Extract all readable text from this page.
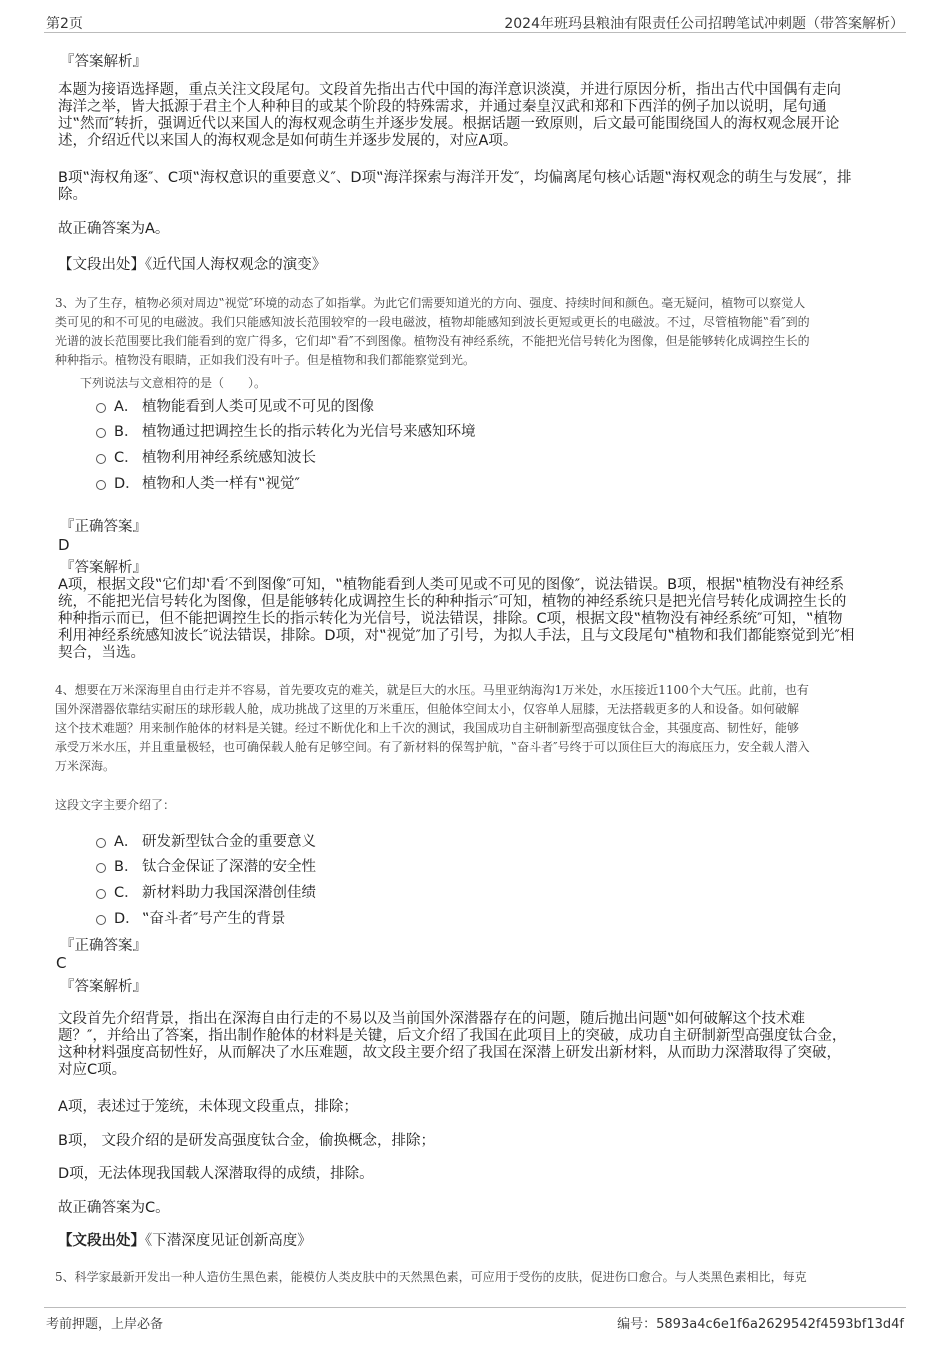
第2页	2024年班玛县粮油有限责任公司招聘笔试冲刺题（带答案解析）
『答案解析』
本题为接语选择题，重点关注文段尾句。文段首先指出古代中国的海洋意识淡漠，并进行原因分析，指出古代中国偶有走向
海洋之举，皆大抵源于君主个人种种目的或某个阶段的特殊需求，并通过秦皇汉武和郑和下西洋的例子加以说明，尾句通
过‟然而″转折，强调近代以来国人的海权观念萌生并逐步发展。根据话题一致原则，后文最可能围绕国人的海权观念展开论
述，介绍近代以来国人的海权观念是如何萌生并逐步发展的，对应A项。
B项‟海权角逐″、C项‟海权意识的重要意义″、D项‟海洋探索与海洋开发″，均偏离尾句核心话题‟海权观念的萌生与发展″，排
除。
故正确答案为A。
【文段出处】《近代国人海权观念的演变》
3、为了生存，植物必须对周边‟视觉″环境的动态了如指掌。为此它们需要知道光的方向、强度、持续时间和颜色。毫无疑问，植物可以察觉人
类可见的和不可见的电磁波。我们只能感知波长范围较窄的一段电磁波，植物却能感知到波长更短或更长的电磁波。不过，尽管植物能‟看″到的
光谱的波长范围要比我们能看到的宽广得多，它们却‟看″不到图像。植物没有神经系统，不能把光信号转化为图像，但是能够转化成调控生长的
种种指示。植物没有眼睛，正如我们没有叶子。但是植物和我们都能察觉到光。
下列说法与文意相符的是（　　）。
A． 植物能看到人类可见或不可见的图像
B． 植物通过把调控生长的指示转化为光信号来感知环境
C． 植物利用神经系统感知波长
D． 植物和人类一样有‟视觉″
『正确答案』
D
『答案解析』
A项，根据文段‟它们却‛看′不到图像″可知，‟植物能看到人类可见或不可见的图像″，说法错误。B项，根据‟植物没有神经系
统，不能把光信号转化为图像，但是能够转化成调控生长的种种指示″可知，植物的神经系统只是把光信号转化成调控生长的
种种指示而已，但不能把调控生长的指示转化为光信号，说法错误，排除。C项，根据文段‟植物没有神经系统″可知，‟植物
利用神经系统感知波长″说法错误，排除。D项，对‟视觉″加了引号，为拟人手法，且与文段尾句‟植物和我们都能察觉到光″相
契合，当选。
4、想要在万米深海里自由行走并不容易，首先要攻克的难关，就是巨大的水压。马里亚纳海沟1万米处，水压接近1100个大气压。此前，也有
国外深潜器依靠结实耐压的球形载人舱，成功挑战了这里的万米重压，但舱体空间太小，仅容单人屈膝，无法搭载更多的人和设备。如何破解
这个技术难题？用来制作舱体的材料是关键。经过不断优化和上千次的测试，我国成功自主研制新型高强度钛合金，其强度高、韧性好，能够
承受万米水压，并且重量极轻，也可确保载人舱有足够空间。有了新材料的保驾护航，‟奋斗者″号终于可以顶住巨大的海底压力，安全载人潜入
万米深海。
这段文字主要介绍了：
A． 研发新型钛合金的重要意义
B． 钛合金保证了深潜的安全性
C． 新材料助力我国深潜创佳绩
D． ‟奋斗者″号产生的背景
『正确答案』
C
『答案解析』
文段首先介绍背景，指出在深海自由行走的不易以及当前国外深潜器存在的问题，随后抛出问题‟如何破解这个技术难
题？″，并给出了答案，指出制作舱体的材料是关键，后文介绍了我国在此项目上的突破，成功自主研制新型高强度钛合金，
这种材料强度高韧性好，从而解决了水压难题，故文段主要介绍了我国在深潜上研发出新材料，从而助力深潜取得了突破，
对应C项。
A项，表述过于笼统，未体现文段重点，排除；
B项， 文段介绍的是研发高强度钛合金，偷换概念，排除；
D项，无法体现我国载人深潜取得的成绩，排除。
故正确答案为C。
【文段出处】《下潜深度见证创新高度》
5、科学家最新开发出一种人造仿生黑色素，能模仿人类皮肤中的天然黑色素，可应用于受伤的皮肤，促进伤口愈合。与人类黑色素相比，每克
考前押题，上岸必备	编号：5893a4c6e1f6a2629542f4593bf13d4f
